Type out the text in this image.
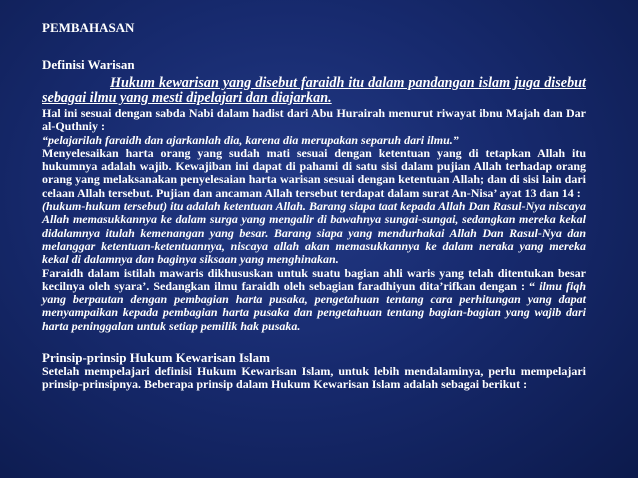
PEMBAHASAN

Definisi Warisan

Hukum kewarisan yang disebut faraidh itu dalam pandangan islam juga disebut sebagai ilmu yang mesti dipelajari dan diajarkan.

Hal ini sesuai dengan sabda Nabi dalam hadist dari Abu Hurairah menurut riwayat ibnu Majah dan Dar al-Quthniy :

“pelajarilah faraidh dan ajarkanlah dia, karena dia merupakan separuh dari ilmu.”

Menyelesaikan harta orang yang sudah mati sesuai dengan ketentuan yang di tetapkan Allah itu hukumnya adalah wajib. Kewajiban ini dapat di pahami di satu sisi dalam pujian Allah terhadap orang orang yang melaksanakan penyelesaian harta warisan sesuai dengan ketentuan Allah; dan di sisi lain dari celaan Allah tersebut. Pujian dan ancaman Allah tersebut terdapat dalam surat An-Nisa’ ayat 13 dan 14 :

(hukum-hukum tersebut) itu adalah ketentuan Allah. Barang siapa taat kepada Allah Dan Rasul-Nya niscaya Allah memasukkannya ke dalam surga yang mengalir di bawahnya sungai-sungai, sedangkan mereka kekal didalamnya itulah kemenangan yang besar. Barang siapa yang mendurhakai Allah Dan Rasul-Nya dan melanggar ketentuan-ketentuannya, niscaya allah akan memasukkannya ke dalam neraka yang mereka kekal di dalamnya dan baginya siksaan yang menghinakan.

Faraidh dalam istilah mawaris dikhususkan untuk suatu bagian ahli waris yang telah ditentukan besar kecilnya oleh syara’. Sedangkan ilmu faraidh oleh sebagian faradhiyun dita’rifkan dengan : “ ilmu fiqh yang berpautan dengan pembagian harta pusaka, pengetahuan tentang cara perhitungan yang dapat menyampaikan kepada pembagian harta pusaka dan pengetahuan tentang bagian-bagian yang wajib dari harta peninggalan untuk setiap pemilik hak pusaka.

Prinsip-prinsip Hukum Kewarisan Islam

Setelah mempelajari definisi Hukum Kewarisan Islam, untuk lebih mendalaminya, perlu mempelajari prinsip-prinsipnya. Beberapa prinsip dalam Hukum Kewarisan Islam adalah sebagai berikut :
